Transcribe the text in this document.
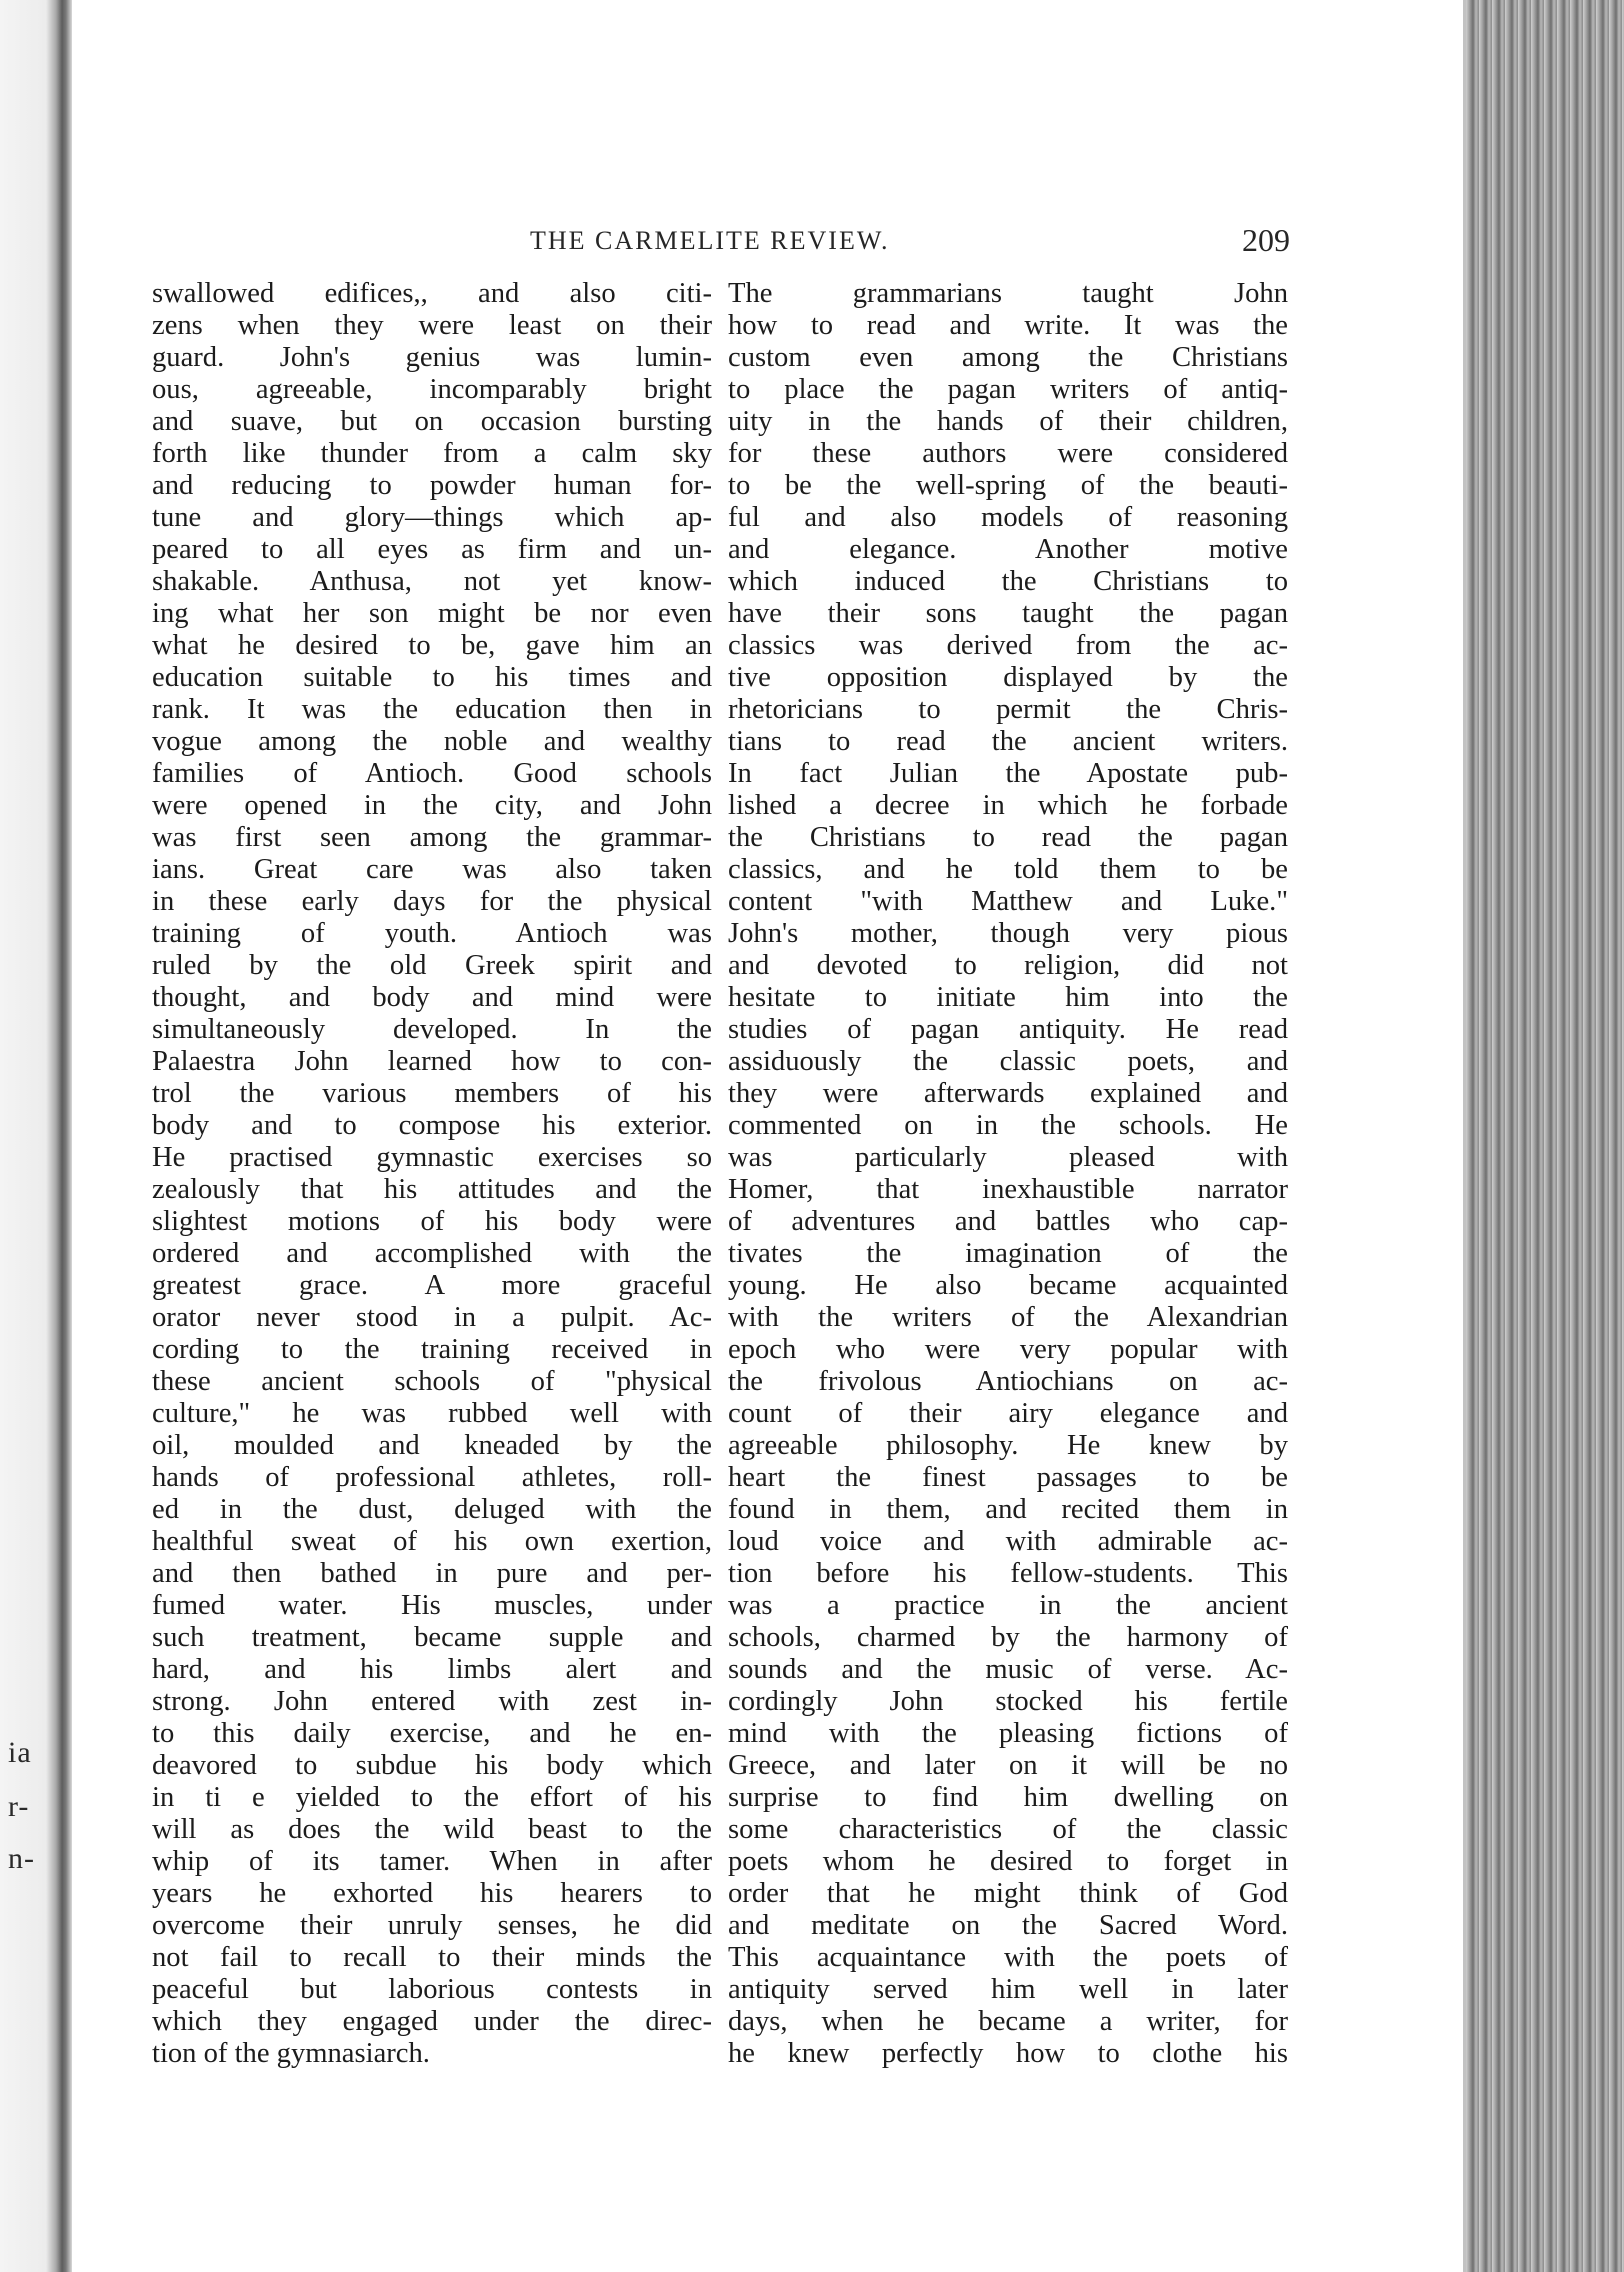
ia
r-
n-
THE CARMELITE REVIEW.	209
swallowed edifices,, and also citi-
zens when they were least on their
guard. John's genius was lumin-
ous, agreeable, incomparably bright
and suave, but on occasion bursting
forth like thunder from a calm sky
and reducing to powder human for-
tune and glory—things which ap-
peared to all eyes as firm and un-
shakable. Anthusa, not yet know-
ing what her son might be nor even
what he desired to be, gave him an
education suitable to his times and
rank. It was the education then in
vogue among the noble and wealthy
families of Antioch. Good schools
were opened in the city, and John
was first seen among the grammar-
ians. Great care was also taken
in these early days for the physical
training of youth. Antioch was
ruled by the old Greek spirit and
thought, and body and mind were
simultaneously developed. In the
Palaestra John learned how to con-
trol the various members of his
body and to compose his exterior.
He practised gymnastic exercises so
zealously that his attitudes and the
slightest motions of his body were
ordered and accomplished with the
greatest grace. A more graceful
orator never stood in a pulpit. Ac-
cording to the training received in
these ancient schools of "physical
culture," he was rubbed well with
oil, moulded and kneaded by the
hands of professional athletes, roll-
ed in the dust, deluged with the
healthful sweat of his own exertion,
and then bathed in pure and per-
fumed water. His muscles, under
such treatment, became supple and
hard, and his limbs alert and
strong. John entered with zest in-
to this daily exercise, and he en-
deavored to subdue his body which
in ti e yielded to the effort of his
will as does the wild beast to the
whip of its tamer. When in after
years he exhorted his hearers to
overcome their unruly senses, he did
not fail to recall to their minds the
peaceful but laborious contests in
which they engaged under the direc-
tion of the gymnasiarch.
The grammarians taught John
how to read and write. It was the
custom even among the Christians
to place the pagan writers of antiq-
uity in the hands of their children,
for these authors were considered
to be the well-spring of the beauti-
ful and also models of reasoning
and elegance. Another motive
which induced the Christians to
have their sons taught the pagan
classics was derived from the ac-
tive opposition displayed by the
rhetoricians to permit the Chris-
tians to read the ancient writers.
In fact Julian the Apostate pub-
lished a decree in which he forbade
the Christians to read the pagan
classics, and he told them to be
content "with Matthew and Luke."
John's mother, though very pious
and devoted to religion, did not
hesitate to initiate him into the
studies of pagan antiquity. He read
assiduously the classic poets, and
they were afterwards explained and
commented on in the schools. He
was particularly pleased with
Homer, that inexhaustible narrator
of adventures and battles who cap-
tivates the imagination of the
young. He also became acquainted
with the writers of the Alexandrian
epoch who were very popular with
the frivolous Antiochians on ac-
count of their airy elegance and
agreeable philosophy. He knew by
heart the finest passages to be
found in them, and recited them in
loud voice and with admirable ac-
tion before his fellow-students. This
was a practice in the ancient
schools, charmed by the harmony of
sounds and the music of verse. Ac-
cordingly John stocked his fertile
mind with the pleasing fictions of
Greece, and later on it will be no
surprise to find him dwelling on
some characteristics of the classic
poets whom he desired to forget in
order that he might think of God
and meditate on the Sacred Word.
This acquaintance with the poets of
antiquity served him well in later
days, when he became a writer, for
he knew perfectly how to clothe his
